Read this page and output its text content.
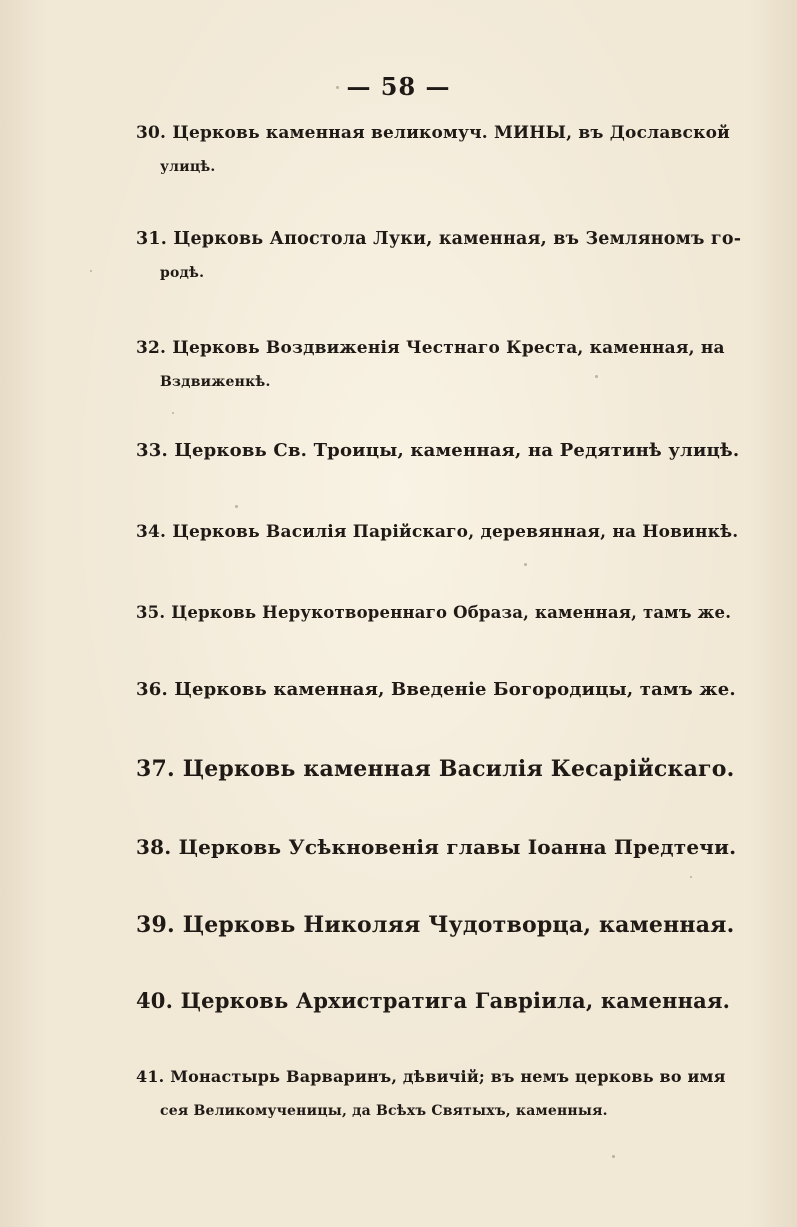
— 58 —
30. Церковь каменная великомуч. МИНЫ, въ Дославской
улицѣ.
31. Церковь Апостола Луки, каменная, въ Земляномъ го-
родѣ.
32. Церковь Воздвиженія Честнаго Креста, каменная, на
Вздвиженкѣ.
33. Церковь Св. Троицы, каменная, на Редятинѣ улицѣ.
34. Церковь Василія Парійскаго, деревянная, на Новинкѣ.
35. Церковь Нерукотвореннаго Образа, каменная, тамъ же.
36. Церковь каменная, Введеніе Богородицы, тамъ же.
37. Церковь каменная Василія Кесарійскаго.
38. Церковь Усѣкновенія главы Іоанна Предтечи.
39. Церковь Николяя Чудотворца, каменная.
40. Церковь Архистратига Гавріила, каменная.
41. Монастырь Варваринъ, дѣвичій; въ немъ церковь во имя
сея Великомученицы, да Всѣхъ Святыхъ, каменныя.
